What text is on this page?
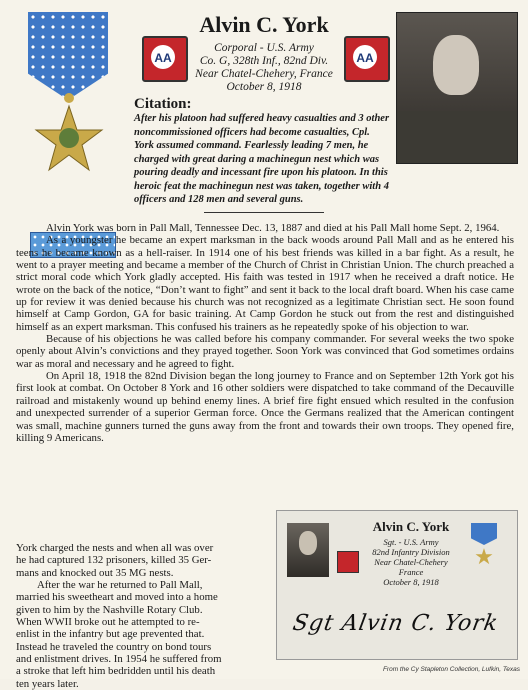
AA	AA
Alvin C. York
Corporal - U.S. Army
Co. G, 328th Inf., 82nd Div.
Near Chatel-Chehery, France
October 8, 1918
Citation:
After his platoon had suffered heavy casualties and 3 other noncommissioned officers had become casualties, Cpl. York assumed command. Fearlessly leading 7 men, he charged with great daring a machinegun nest which was pouring deadly and incessant fire upon his platoon. In this heroic feat the machinegun nest was taken, together with 4 officers and 128 men and several guns.

Alvin York was born in Pall Mall, Tennessee Dec. 13, 1887 and died at his Pall Mall home Sept. 2, 1964.

As a youngster he became an expert marksman in the back woods around Pall Mall and as he entered his teens he became known as a hell-raiser. In 1914 one of his best friends was killed in a bar fight. As a result, he went to a prayer meeting and became a member of the Church of Christ in Christian Union. The church preached a strict moral code which York gladly accepted. His faith was tested in 1917 when he received a draft notice. He wrote on the back of the notice, “Don’t want to fight” and sent it back to the local draft board. When his case came up for review it was denied because his church was not recognized as a legitimate Christian sect. He soon found himself at Camp Gordon, GA for basic training. At Camp Gordon he stuck out from the rest and distinguished himself as an expert marksman. This confused his trainers as he repeatedly spoke of his objection to war.

Because of his objections he was called before his company commander. For several weeks the two spoke openly about Alvin’s convictions and they prayed together. Soon York was convinced that God sometimes ordains war as moral and necessary and he agreed to fight.

On April 18, 1918 the 82nd Division began the long journey to France and on September 12th York got his first look at combat. On October 8 York and 16 other soldiers were dispatched to take command of the Decauville railroad and mistakenly wound up behind enemy lines. A brief fire fight ensued which resulted in the confusion and unexpected surrender of a superior German force. Once the Germans realized that the American contingent was small, machine gunners turned the guns away from the front and towards their own troops. They opened fire, killing 9 Americans.

York charged the nests and when all was over

he had captured 132 prisoners, killed 35 Ger-

mans and knocked out 35 MG nests.

After the war he returned to Pall Mall,

married his sweetheart and moved into a home

given to him by the Nashville Rotary Club.

When WWII broke out he attempted to re-

enlist in the infantry but age prevented that.

Instead he traveled the country on bond tours

and enlistment drives. In 1954 he suffered from

a stroke that left him bedridden until his death

ten years later.

Alvin C. York
Sgt. - U.S. Army
82nd Infantry Division
Near Chatel-Chehery
France
October 8, 1918
★
Sgt Alvin C. York
From the Cy Stapleton Collection, Lufkin, Texas
